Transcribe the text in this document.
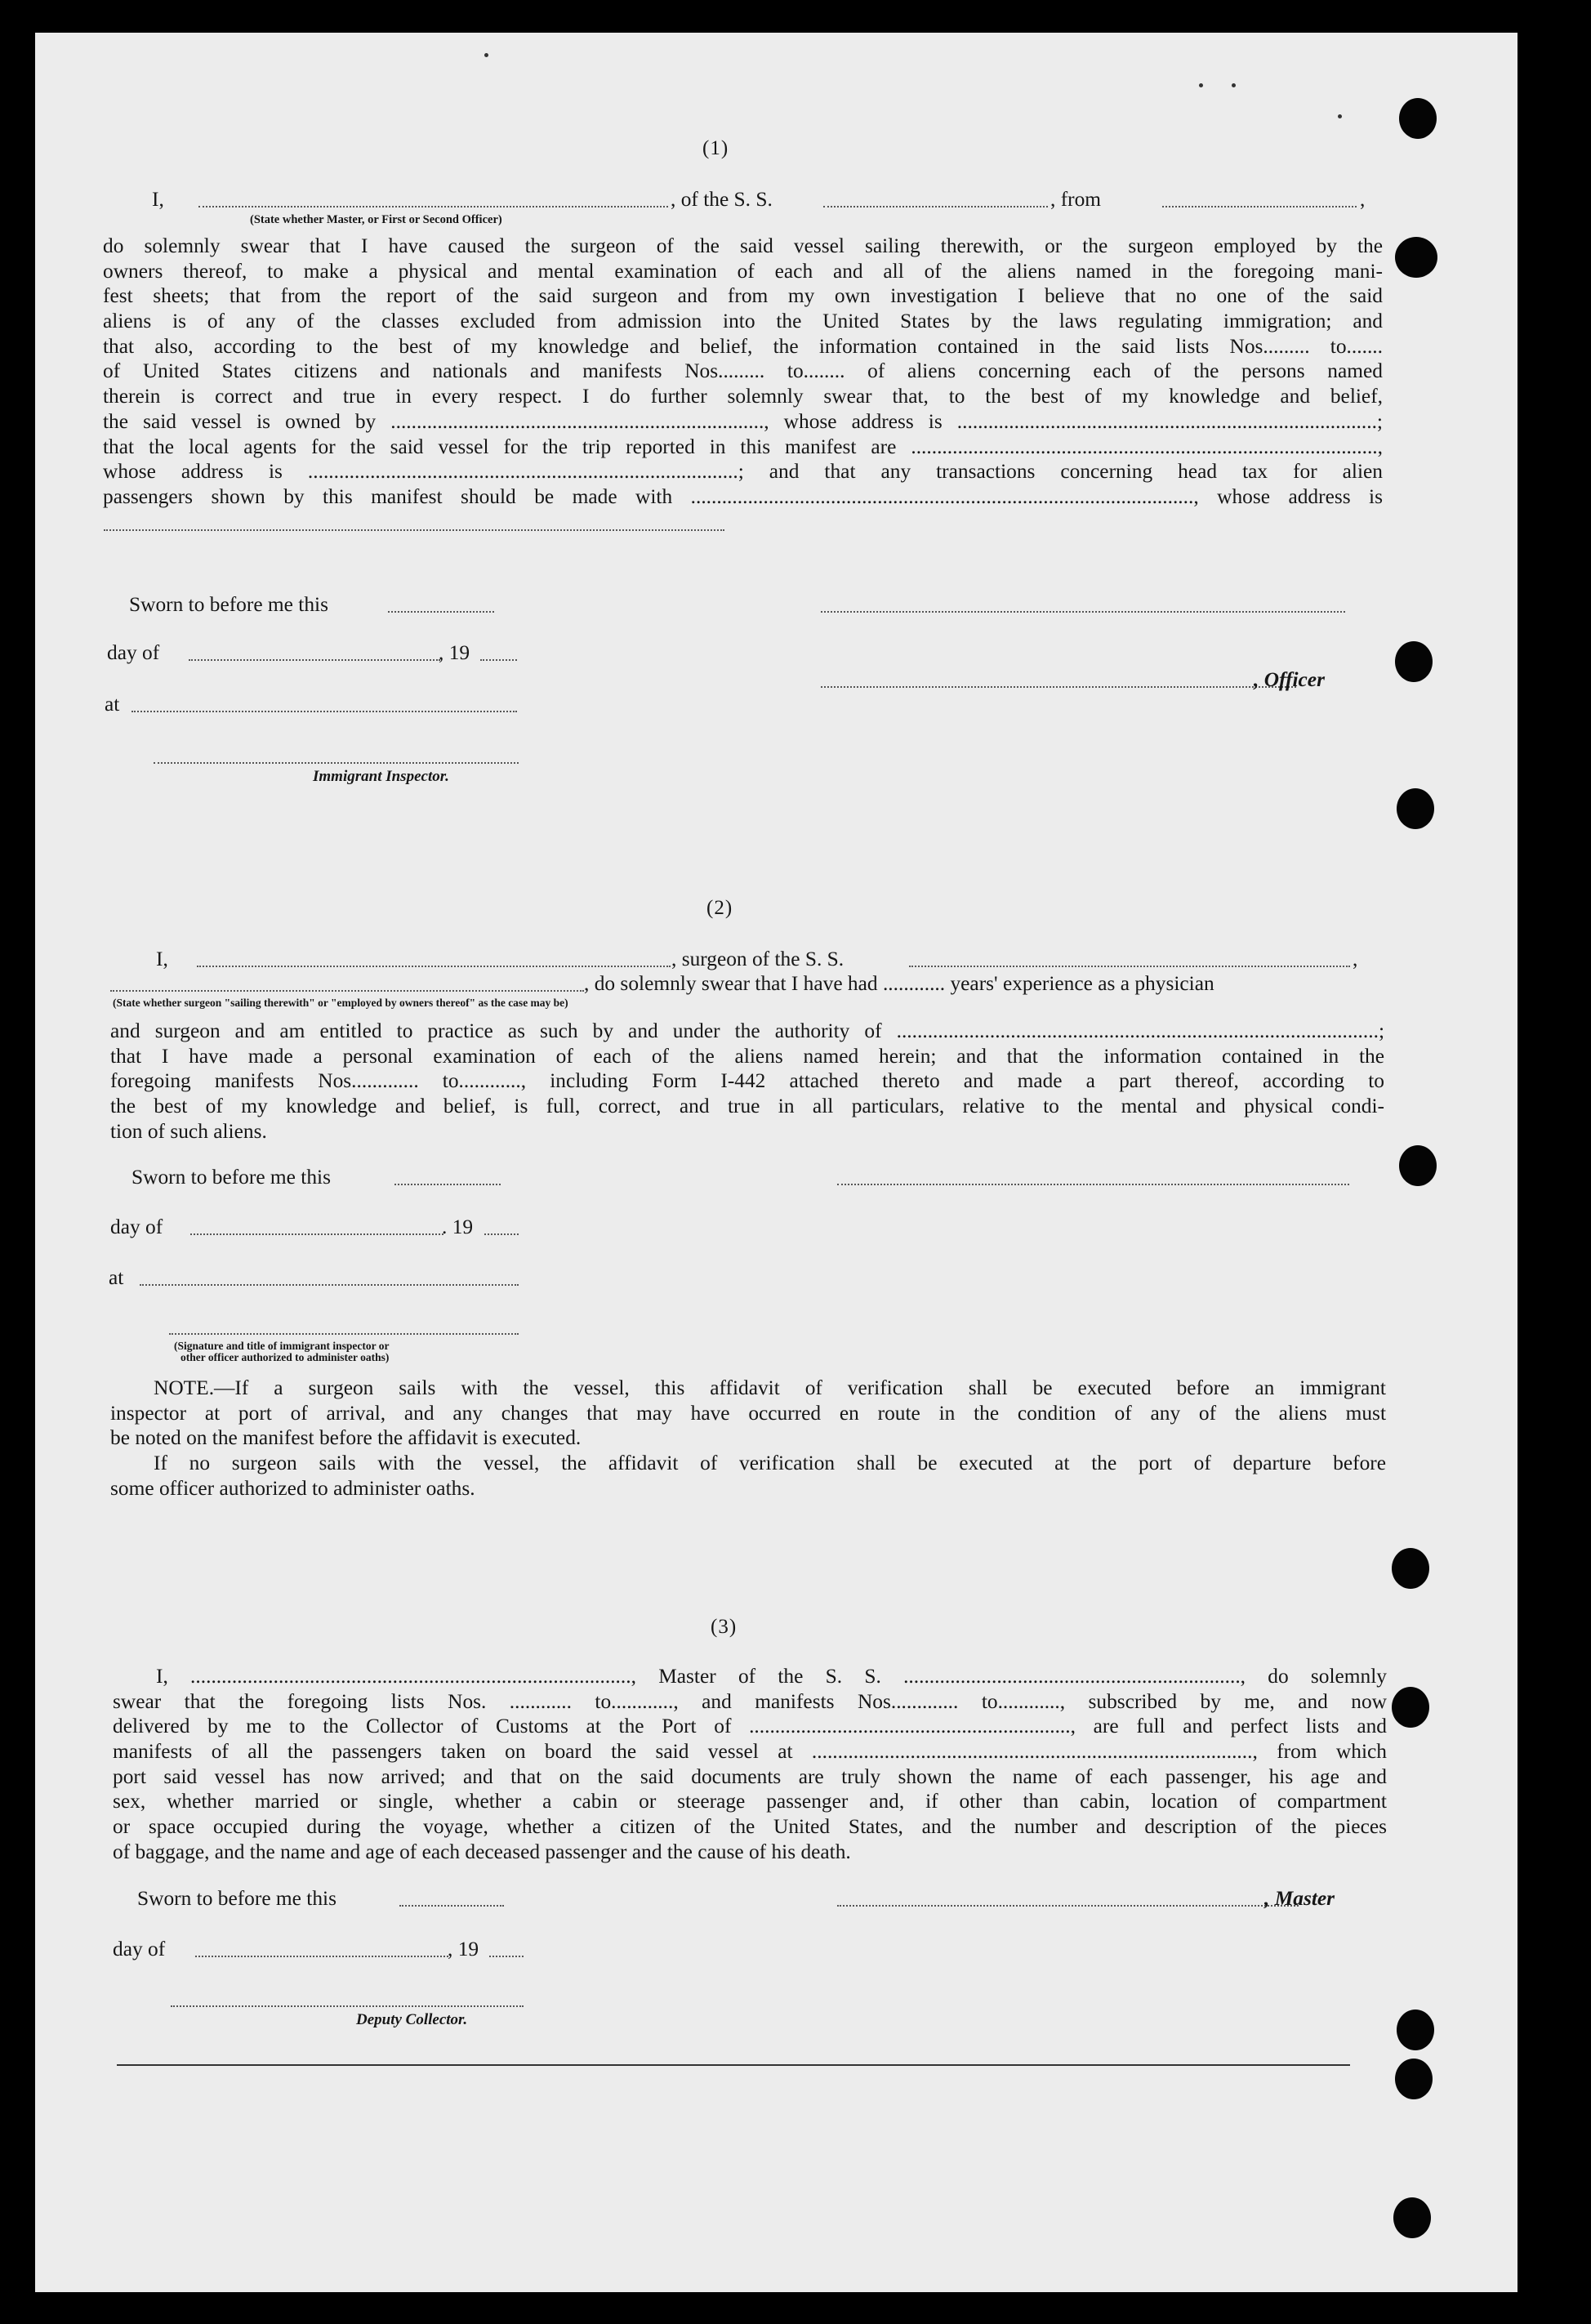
(1)
I,	, of the S. S.	, from	,
(State whether Master, or First or Second Officer)
do solemnly swear that I have caused the surgeon of the said vessel sailing therewith, or the surgeon employed by the
owners thereof, to make a physical and mental examination of each and all of the aliens named in the foregoing mani-
fest sheets; that from the report of the said surgeon and from my own investigation I believe that no one of the said
aliens is of any of the classes excluded from admission into the United States by the laws regulating immigration; and
that also, according to the best of my knowledge and belief, the information contained in the said lists Nos......... to.......
of United States citizens and nationals and manifests Nos......... to........ of aliens concerning each of the persons named
therein is correct and true in every respect. I do further solemnly swear that, to the best of my knowledge and belief,
the said vessel is owned by ........................................................................, whose address is .................................................................................;
that the local agents for the said vessel for the trip reported in this manifest are ..........................................................................................,
whose address is ...................................................................................; and that any transactions concerning head tax for alien
passengers shown by this manifest should be made with ................................................................................................., whose address is
Sworn to before me this
day of	, 19
, Officer
at
Immigrant Inspector.
(2)
I,	, surgeon of the S. S.	,
, do solemnly swear that I have had ............ years' experience as a physician
(State whether surgeon "sailing therewith" or "employed by owners thereof" as the case may be)
and surgeon and am entitled to practice as such by and under the authority of .............................................................................................;
that I have made a personal examination of each of the aliens named herein; and that the information contained in the
foregoing manifests Nos............. to............, including Form I-442 attached thereto and made a part thereof, according to
the best of my knowledge and belief, is full, correct, and true in all particulars, relative to the mental and physical condi-
tion of such aliens.
Sworn to before me this
day of	. 19
at
(Signature and title of immigrant inspector or
other officer authorized to administer oaths)
NOTE.—If a surgeon sails with the vessel, this affidavit of verification shall be executed before an immigrant
inspector at port of arrival, and any changes that may have occurred en route in the condition of any of the aliens must
be noted on the manifest before the affidavit is executed.
If no surgeon sails with the vessel, the affidavit of verification shall be executed at the port of departure before
some officer authorized to administer oaths.
(3)
I, ....................................................................................., Master of the S. S. ................................................................., do solemnly
swear that the foregoing lists Nos. ............ to............, and manifests Nos............. to............, subscribed by me, and now
delivered by me to the Collector of Customs at the Port of .............................................................., are full and perfect lists and
manifests of all the passengers taken on board the said vessel at ....................................................................................., from which
port said vessel has now arrived; and that on the said documents are truly shown the name of each passenger, his age and
sex, whether married or single, whether a cabin or steerage passenger and, if other than cabin, location of compartment
or space occupied during the voyage, whether a citizen of the United States, and the number and description of the pieces
of baggage, and the name and age of each deceased passenger and the cause of his death.
Sworn to before me this	, Master
day of	, 19
Deputy Collector.
